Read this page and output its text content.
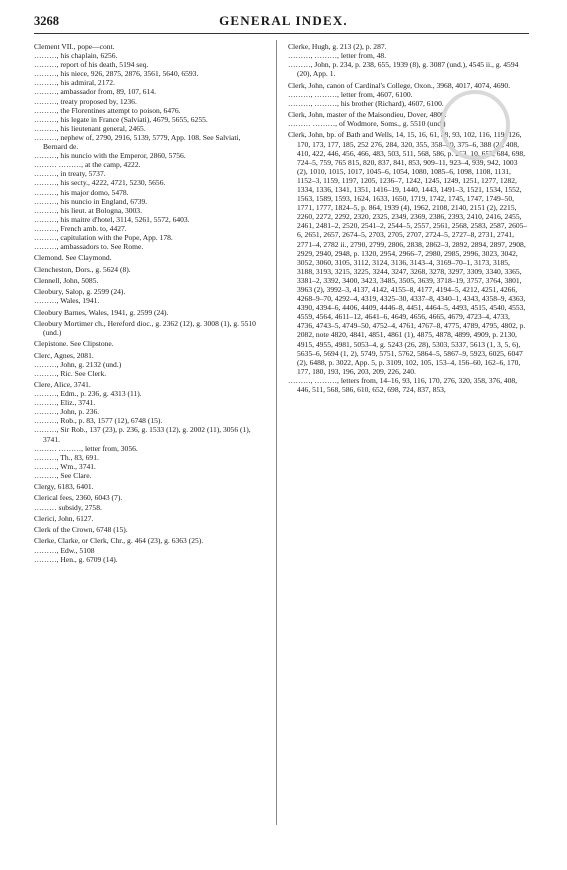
3268	GENERAL INDEX.
Clement VII., pope—cont.
………, his chaplain, 6256.
………, report of his death, 5194 seq.
………, his niece, 926, 2875, 2876, 3561, 5640, 6593.
………, his admiral, 2172.
………, ambassador from, 89, 107, 614.
………, treaty proposed by, 1236.
………, the Florentines attempt to poison, 6476.
………, his legate in France (Salviati), 4679, 5655, 6255.
………, his lieutenant general, 2465.
………, nephew of, 2790, 2916, 5139, 5779, App. 108. See Salviati, Bernard de.
………, his nuncio with the Emperor, 2860, 5756.
……… ………, at the camp, 4222.
………, in treaty, 5737.
………, his secty., 4222, 4721, 5230, 5656.
………, his major domo, 5478.
………, his nuncio in England, 6739.
………, his lieut. at Bologna, 3003.
………, his maitre d'hotel, 3114, 5261, 5572, 6403.
………, French amb. to, 4427.
………, capitulation with the Pope, App. 178.
………, ambassadors to. See Rome.
Clemond. See Claymond.
Clencheston, Dors., g. 5624 (8).
Clennell, John, 5085.
Cleobury, Salop, g. 2599 (24).
………, Wales, 1941.
Cleobury Barnes, Wales, 1941, g. 2599 (24).
Cleobury Mortimer ch., Hereford dioc., g. 2362 (12), g. 3008 (1), g. 5510 (und.)
Clepistone. See Clipstone.
Clerc, Agnes, 2081.
………, John, g. 2132 (und.)
………, Ric. See Clerk.
Clere, Alice, 3741.
………, Edm., p. 236, g. 4313 (11).
………, Eliz., 3741.
………, John, p. 236.
………, Rob., p. 83, 1577 (12), 6748 (15).
………, Sir Rob., 137 (23), p. 236, g. 1533 (12), g. 2002 (11), 3056 (1), 3741.
……… ………, letter from, 3056.
………, Th., 83, 691.
………, Wm., 3741.
………, See Clare.
Clergy, 6183, 6401.
Clerical fees, 2360, 6043 (7).
……… subsidy, 2758.
Clerici, John, 6127.
Clerk of the Crown, 6748 (15).
Clerke, Clarke, or Clerk, Chr., g. 464 (23), g. 6363 (25).
………, Edw., 5108
………, Hen., g. 6709 (14).
Clerke, Hugh, g. 213 (2), p. 287.
………, ………, letter from, 48.
………, John, p. 234, p. 238, 655, 1939 (8), g. 3087 (und.), 4545 ii., g. 4594 (20), App. 1.
Clerk, John, canon of Cardinal's College, Oxon., 3968, 4017, 4074, 4690.
………, ………, letter from, 4607, 6100.
………, ………, his brother (Richard), 4607, 6100.
Clerk, John, master of the Maisondieu, Dover, 4800.
……… ………, of Wodmore, Soms., g. 5510 (und.)
Clerk, John, bp. of Bath and Wells, 14, 15, 16, 61, 88, 93, 102, 116, 119, 126, 170, 173, 177, 185, 252 276, 284, 320, 355, 358–60, 375–6, 388 (2), 408, 410, 422, 446, 456, 466, 483, 503, 511, 568, 586, p. 263, 10, 652, 684, 698, 724–5, 759, 765 815, 820, 837, 841, 853, 909–11, 923–4, 939, 942, 1003 (2), 1010, 1015, 1017, 1045–6, 1054, 1080, 1085–6, 1098, 1108, 1131, 1152–3, 1159, 1197, 1205, 1236–7, 1242, 1245, 1249, 1251, 1277, 1282, 1334, 1336, 1341, 1351, 1416–19, 1440, 1443, 1491–3, 1521, 1534, 1552, 1563, 1589, 1593, 1624, 1633, 1650, 1719, 1742, 1745, 1747, 1749–50, 1771, 1777, 1824–5, p. 864, 1939 (4), 1962, 2108, 2140, 2151 (2), 2215, 2260, 2272, 2292, 2320, 2325, 2349, 2369, 2386, 2393, 2410, 2416, 2455, 2461, 2481–2, 2520, 2541–2, 2544–5, 2557, 2561, 2568, 2583, 2587, 2605–6, 2651, 2657, 2674–5, 2703, 2705, 2707, 2724–5, 2727–8, 2731, 2741, 2771–4, 2782 ii., 2790, 2799, 2806, 2838, 2862–3, 2892, 2894, 2897, 2908, 2929, 2940, 2948, p. 1320, 2954, 2966–7, 2980, 2985, 2996, 3023, 3042, 3052, 3060, 3105, 3112, 3124, 3136, 3143–4, 3169–70–1, 3173, 3185, 3188, 3193, 3215, 3225, 3244, 3247, 3268, 3278, 3297, 3309, 3340, 3365, 3381–2, 3392, 3400, 3423, 3485, 3505, 3639, 3718–19, 3757, 3764, 3801, 3963 (2), 3992–3, 4137, 4142, 4155–8, 4177, 4194–5, 4212, 4251, 4266, 4268–9–70, 4292–4, 4319, 4325–30, 4337–8, 4340–1, 4343, 4358–9, 4363, 4390, 4394–6, 4406, 4409, 4446–8, 4451, 4464–5, 4493, 4515, 4540, 4553, 4559, 4564, 4611–12, 4641–6, 4649, 4656, 4665, 4679, 4723–4, 4733, 4736, 4743–5, 4749–50, 4752–4, 4761, 4767–8, 4775, 4789, 4795, 4802, p. 2082, note 4820, 4841, 4851, 4861 (1), 4875, 4878, 4899, 4909, p. 2130, 4915, 4955, 4981, 5053–4, g. 5243 (26, 28), 5303, 5337, 5613 (1, 3, 5, 6), 5635–6, 5694 (1, 2), 5749, 5751, 5762, 5864–5, 5867–9, 5923, 6025, 6047 (2), 6488, p. 3022, App. 5, p. 3109, 102, 105, 153–4, 156–60, 162–6, 170, 177, 180, 193, 196, 203, 209, 226, 240.
………, ………, letters from, 14–16, 93, 116, 170, 276, 320, 358, 376, 408, 446, 511, 568, 586, 610, 652, 698, 724, 837, 853,
